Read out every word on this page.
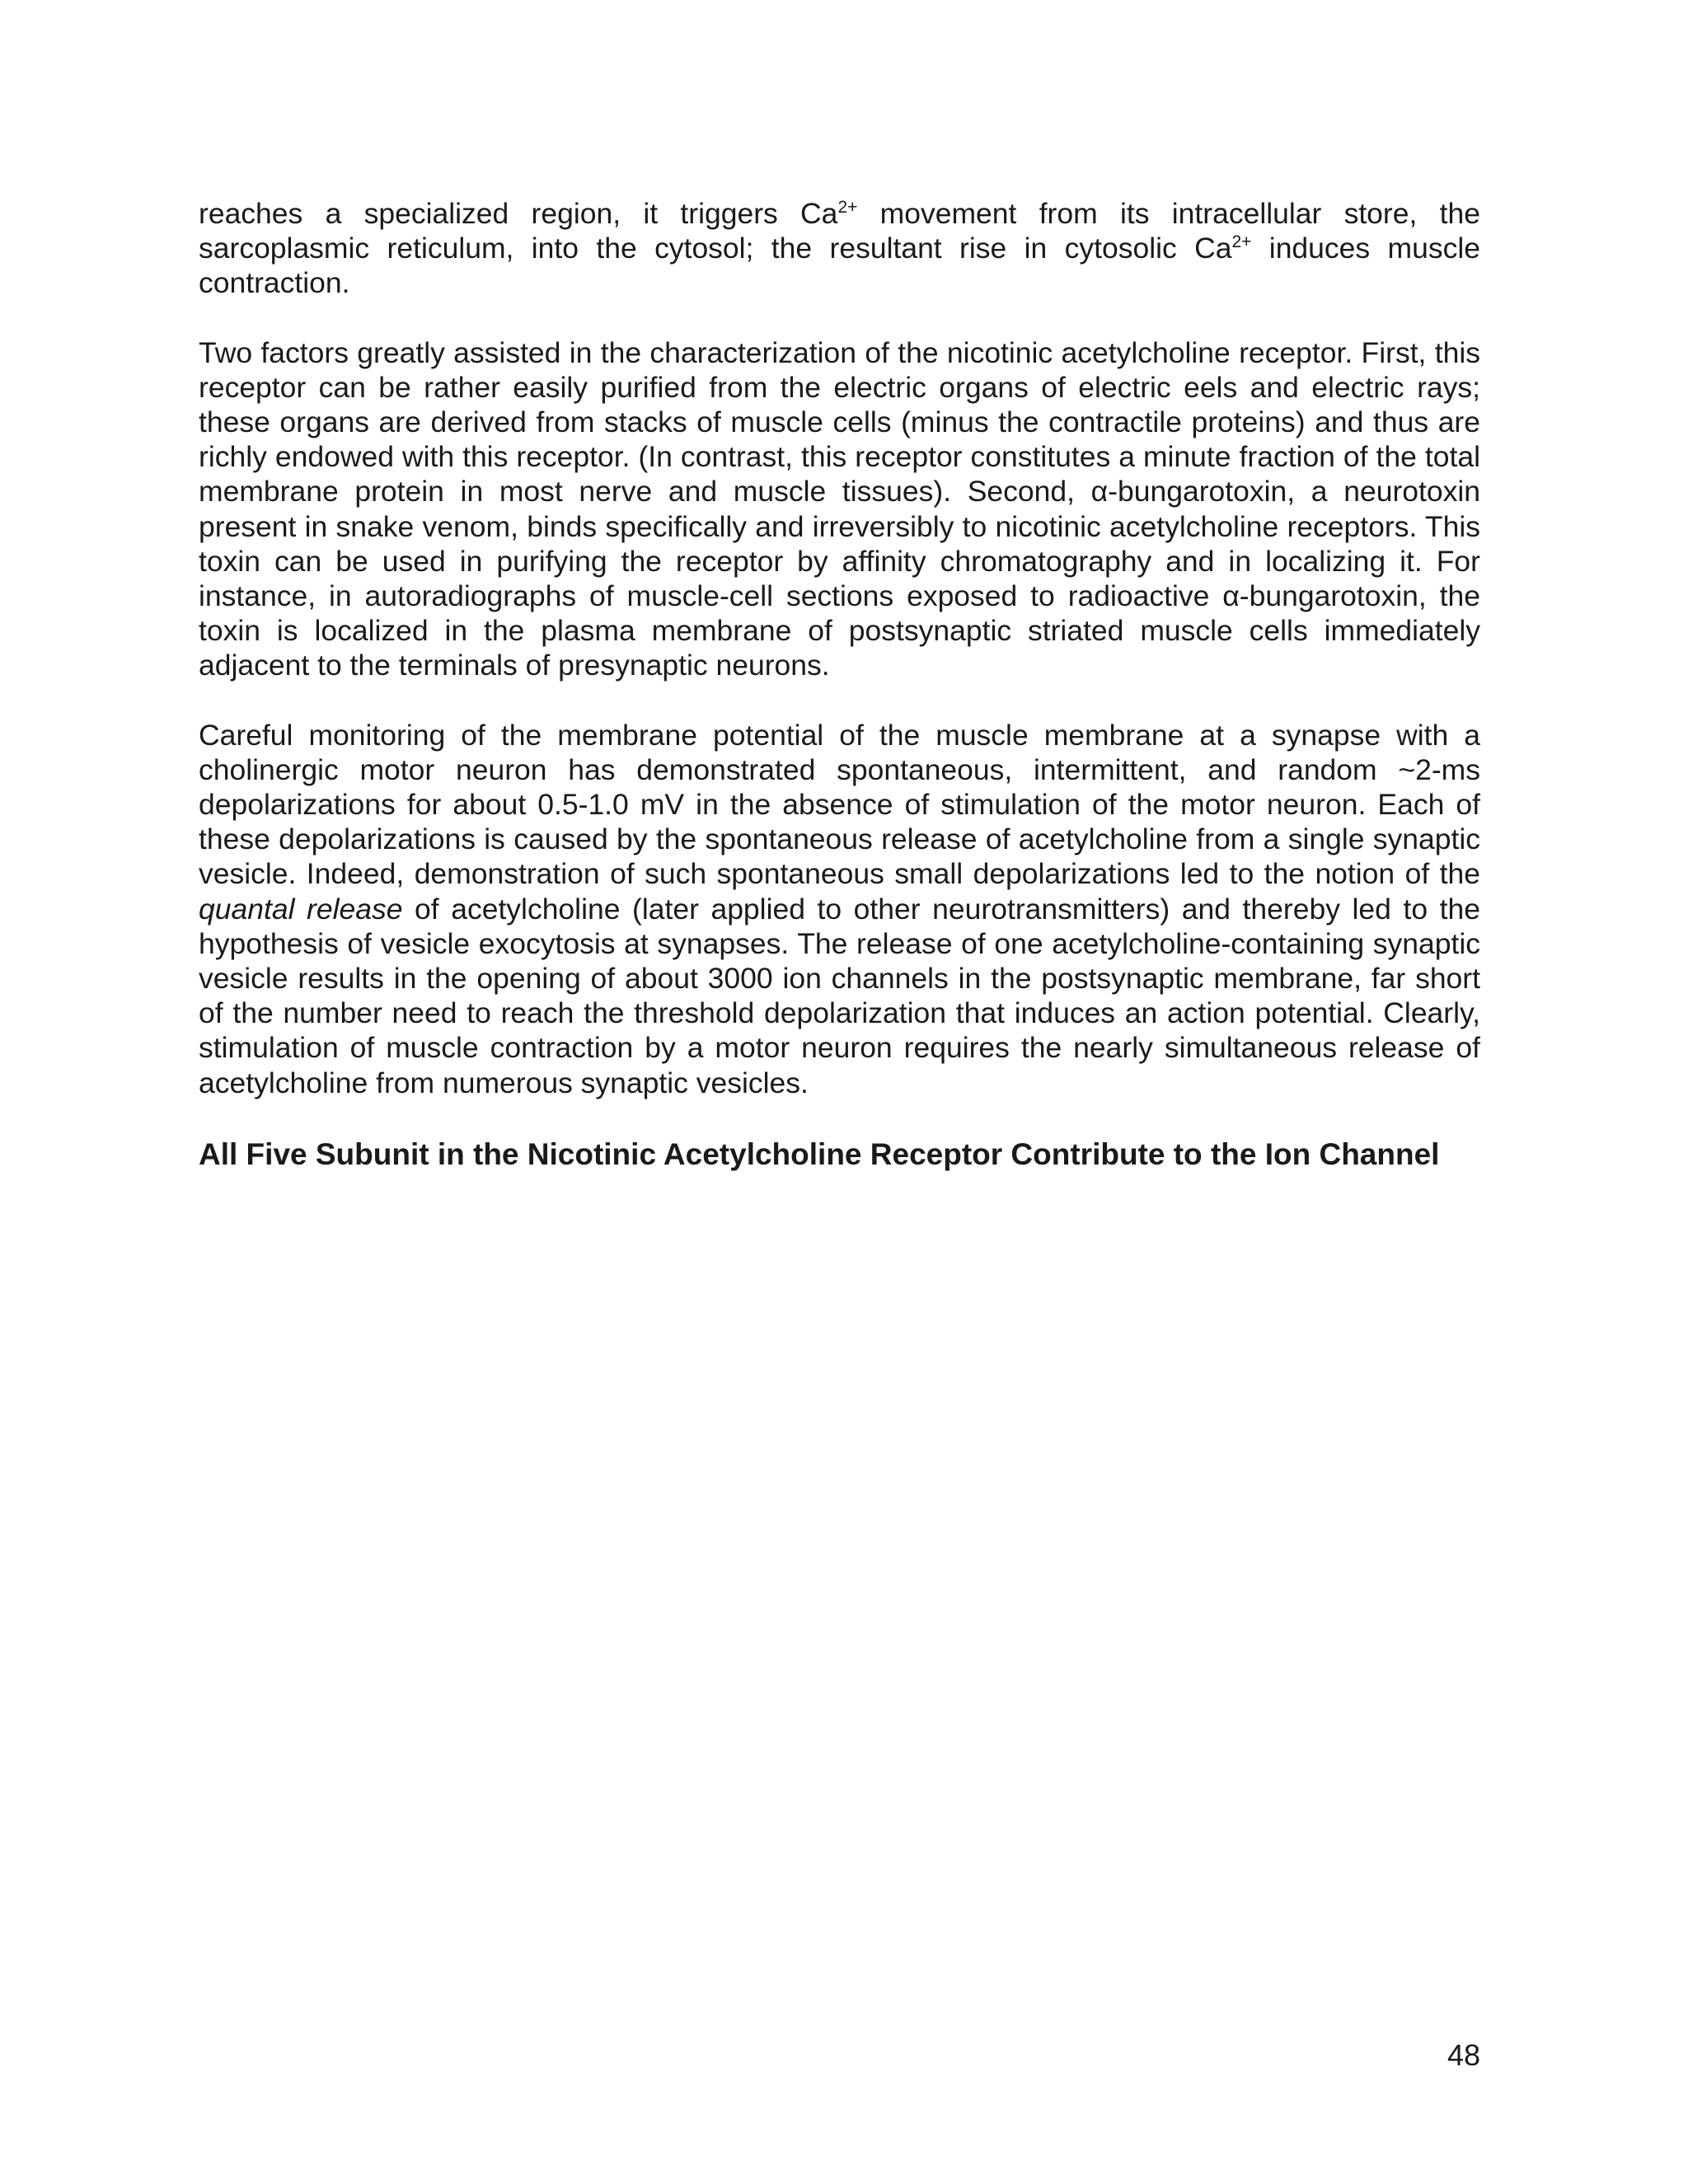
reaches a specialized region, it triggers $Ca^{2+}$ movement from its intracellular store, the sarcoplasmic reticulum, into the cytosol; the resultant rise in cytosolic $Ca^{2+}$ induces muscle contraction.

Two factors greatly assisted in the characterization of the nicotinic acetylcholine receptor. First, this receptor can be rather easily purified from the electric organs of electric eels and electric rays; these organs are derived from stacks of muscle cells (minus the contractile proteins) and thus are richly endowed with this receptor. (In contrast, this receptor constitutes a minute fraction of the total membrane protein in most nerve and muscle tissues). Second, α-bungarotoxin, a neurotoxin present in snake venom, binds specifically and irreversibly to nicotinic acetylcholine receptors. This toxin can be used in purifying the receptor by affinity chromatography and in localizing it. For instance, in autoradiographs of muscle-cell sections exposed to radioactive α-bungarotoxin, the toxin is localized in the plasma membrane of postsynaptic striated muscle cells immediately adjacent to the terminals of presynaptic neurons.

Careful monitoring of the membrane potential of the muscle membrane at a synapse with a cholinergic motor neuron has demonstrated spontaneous, intermittent, and random ~2-ms depolarizations for about 0.5-1.0 mV in the absence of stimulation of the motor neuron. Each of these depolarizations is caused by the spontaneous release of acetylcholine from a single synaptic vesicle. Indeed, demonstration of such spontaneous small depolarizations led to the notion of the quantal release of acetylcholine (later applied to other neurotransmitters) and thereby led to the hypothesis of vesicle exocytosis at synapses. The release of one acetylcholine-containing synaptic vesicle results in the opening of about 3000 ion channels in the postsynaptic membrane, far short of the number need to reach the threshold depolarization that induces an action potential. Clearly, stimulation of muscle contraction by a motor neuron requires the nearly simultaneous release of acetylcholine from numerous synaptic vesicles.

All Five Subunit in the Nicotinic Acetylcholine Receptor Contribute to the Ion Channel
48
